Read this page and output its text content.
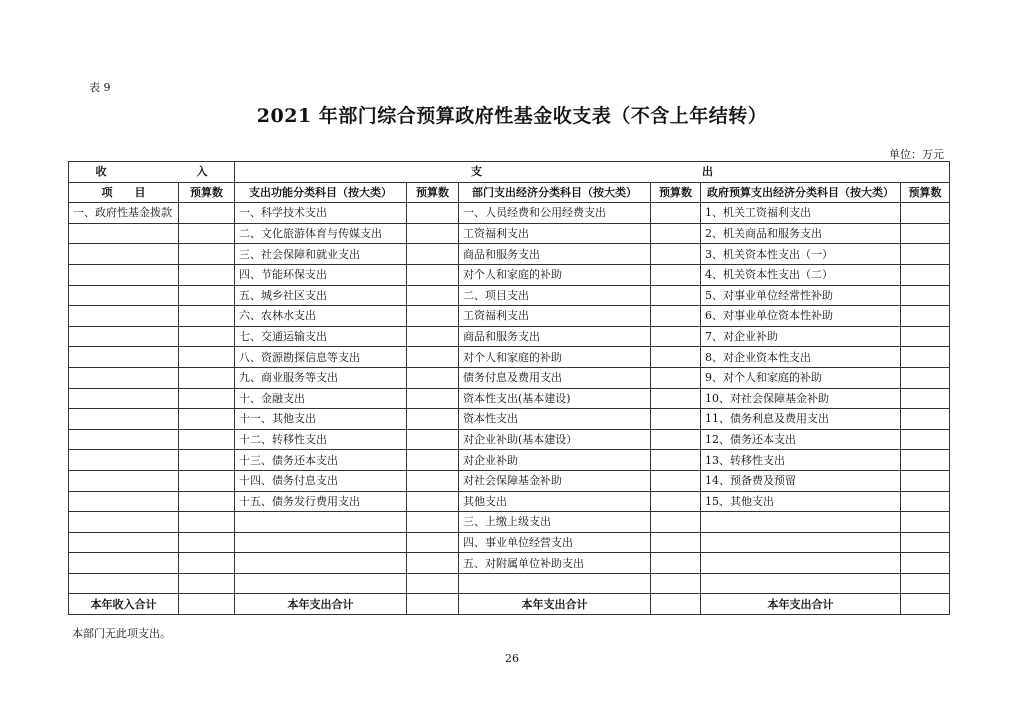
表 9
2021 年部门综合预算政府性基金收支表（不含上年结转）
单位：万元
收 入		支 出					
项　　目	预算数	支出功能分类科目（按大类）	预算数	部门支出经济分类科目（按大类）	预算数	政府预算支出经济分类科目（按大类）	预算数
一、政府性基金拨款		一、科学技术支出		一、人员经费和公用经费支出		1、机关工资福利支出	
		二、文化旅游体育与传媒支出		工资福利支出		2、机关商品和服务支出	
		三、社会保障和就业支出		商品和服务支出		3、机关资本性支出（一）	
		四、节能环保支出		对个人和家庭的补助		4、机关资本性支出（二）	
		五、城乡社区支出		二、项目支出		5、对事业单位经常性补助	
		六、农林水支出		工资福利支出		6、对事业单位资本性补助	
		七、交通运输支出		商品和服务支出		7、对企业补助	
		八、资源勘探信息等支出		对个人和家庭的补助		8、对企业资本性支出	
		九、商业服务等支出		债务付息及费用支出		9、对个人和家庭的补助	
		十、金融支出		资本性支出(基本建设)		10、对社会保障基金补助	
		十一、其他支出		资本性支出		11、债务利息及费用支出	
		十二、转移性支出		对企业补助(基本建设）		12、债务还本支出	
		十三、债务还本支出		对企业补助		13、转移性支出	
		十四、债务付息支出		对社会保障基金补助		14、预备费及预留	
		十五、债务发行费用支出		其他支出		15、其他支出	
				三、上缴上级支出			
				四、事业单位经营支出			
				五、对附属单位补助支出			

本年收入合计		本年支出合计		本年支出合计		本年支出合计	
本部门无此项支出。
26
